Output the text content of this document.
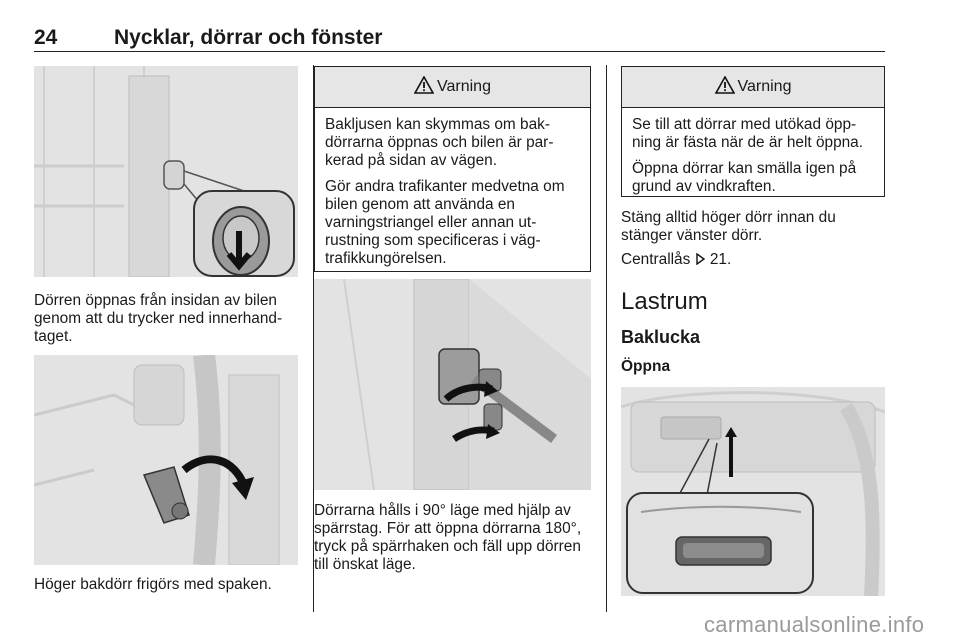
24	Nycklar, dörrar och fönster

Dörren öppnas från insidan av bilen genom att du trycker ned innerhandtaget.

Höger bakdörr frigörs med spaken.

Varning

Bakljusen kan skymmas om bakdörrarna öppnas och bilen är parkerad på sidan av vägen.

Gör andra trafikanter medvetna om bilen genom att använda en varningstriangel eller annan utrustning som specificeras i vägtrafikkungörelsen.

Dörrarna hålls i 90° läge med hjälp av spärrstag. För att öppna dörrarna 180°, tryck på spärrhaken och fäll upp dörren till önskat läge.

Varning

Se till att dörrar med utökad öppning är fästa när de är helt öppna.

Öppna dörrar kan smälla igen på grund av vindkraften.

Stäng alltid höger dörr innan du stänger vänster dörr.

Centrallås  21.

Lastrum
Baklucka
Öppna
carmanualsonline.info
